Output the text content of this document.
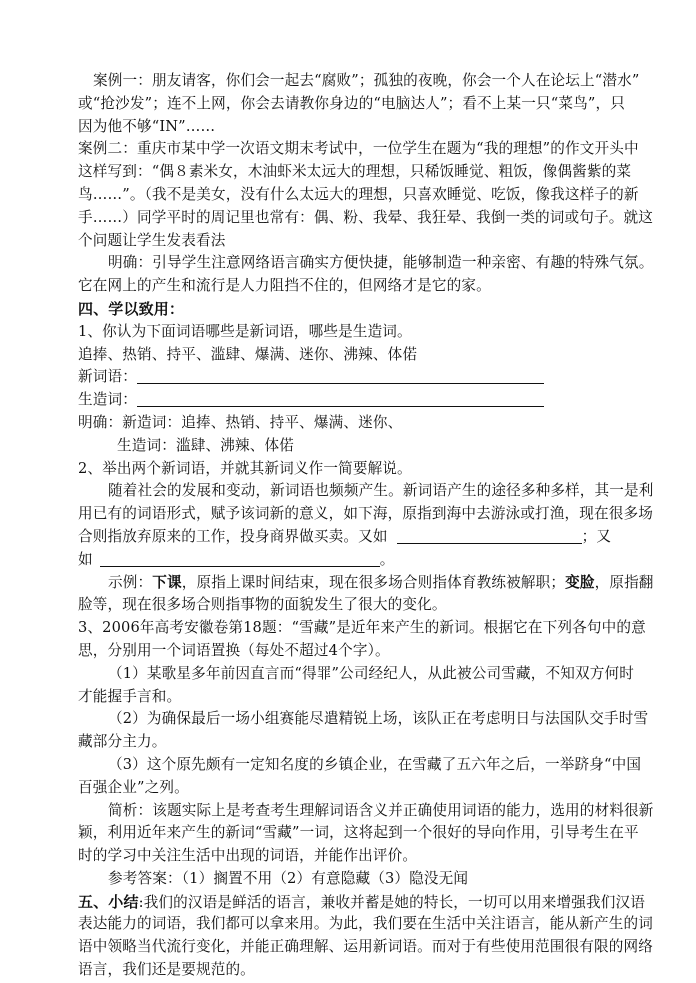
案例一：朋友请客，你们会一起去“腐败”；孤独的夜晚，你会一个人在论坛上“潜水”
或“抢沙发”；连不上网，你会去请教你身边的“电脑达人”；看不上某一只“菜鸟”，只
因为他不够“IN”……
案例二：重庆市某中学一次语文期末考试中，一位学生在题为“我的理想”的作文开头中
这样写到：“偶８素米女，木油虾米太远大的理想，只稀饭睡觉、粗饭，像偶酱紫的菜
鸟……”。（我不是美女，没有什么太远大的理想，只喜欢睡觉、吃饭，像我这样子的新
手……）同学平时的周记里也常有：偶、粉、我晕、我狂晕、我倒一类的词或句子。就这
个问题让学生发表看法
明确：引导学生注意网络语言确实方便快捷，能够制造一种亲密、有趣的特殊气氛。
它在网上的产生和流行是人力阻挡不住的，但网络才是它的家。
四、学以致用：
1、你认为下面词语哪些是新词语，哪些是生造词。
追捧、热销、持平、滥肆、爆满、迷你、沸辣、体偌
新词语：
生造词：
明确：新造词：追捧、热销、持平、爆满、迷你、
生造词：滥肆、沸辣、体偌
2、举出两个新词语，并就其新词义作一简要解说。
随着社会的发展和变动，新词语也频频产生。新词语产生的途径多种多样，其一是利
用已有的词语形式，赋予该词新的意义，如下海，原指到海中去游泳或打渔，现在很多场
合则指放弃原来的工作，投身商界做买卖。又如	；又
如	。
示例：下课，原指上课时间结束，现在很多场合则指体育教练被解职；变脸，原指翻
脸等，现在很多场合则指事物的面貌发生了很大的变化。
3、2006年高考安徽卷第18题：“雪藏”是近年来产生的新词。根据它在下列各句中的意
思，分别用一个词语置换（每处不超过4个字）。
（1）某歌星多年前因直言而“得罪”公司经纪人，从此被公司雪藏，不知双方何时
才能握手言和。
（2）为确保最后一场小组赛能尽遣精锐上场，该队正在考虑明日与法国队交手时雪
藏部分主力。
（3）这个原先颇有一定知名度的乡镇企业，在雪藏了五六年之后，一举跻身“中国
百强企业”之列。
简析：该题实际上是考查考生理解词语含义并正确使用词语的能力，选用的材料很新
颖，利用近年来产生的新词“雪藏”一词，这将起到一个很好的导向作用，引导考生在平
时的学习中关注生活中出现的词语，并能作出评价。
参考答案：（1）搁置不用（2）有意隐藏（3）隐没无闻
五、小结:我们的汉语是鲜活的语言，兼收并蓄是她的特长，一切可以用来增强我们汉语
表达能力的词语，我们都可以拿来用。为此，我们要在生活中关注语言，能从新产生的词
语中领略当代流行变化，并能正确理解、运用新词语。而对于有些使用范围很有限的网络
语言，我们还是要规范的。
